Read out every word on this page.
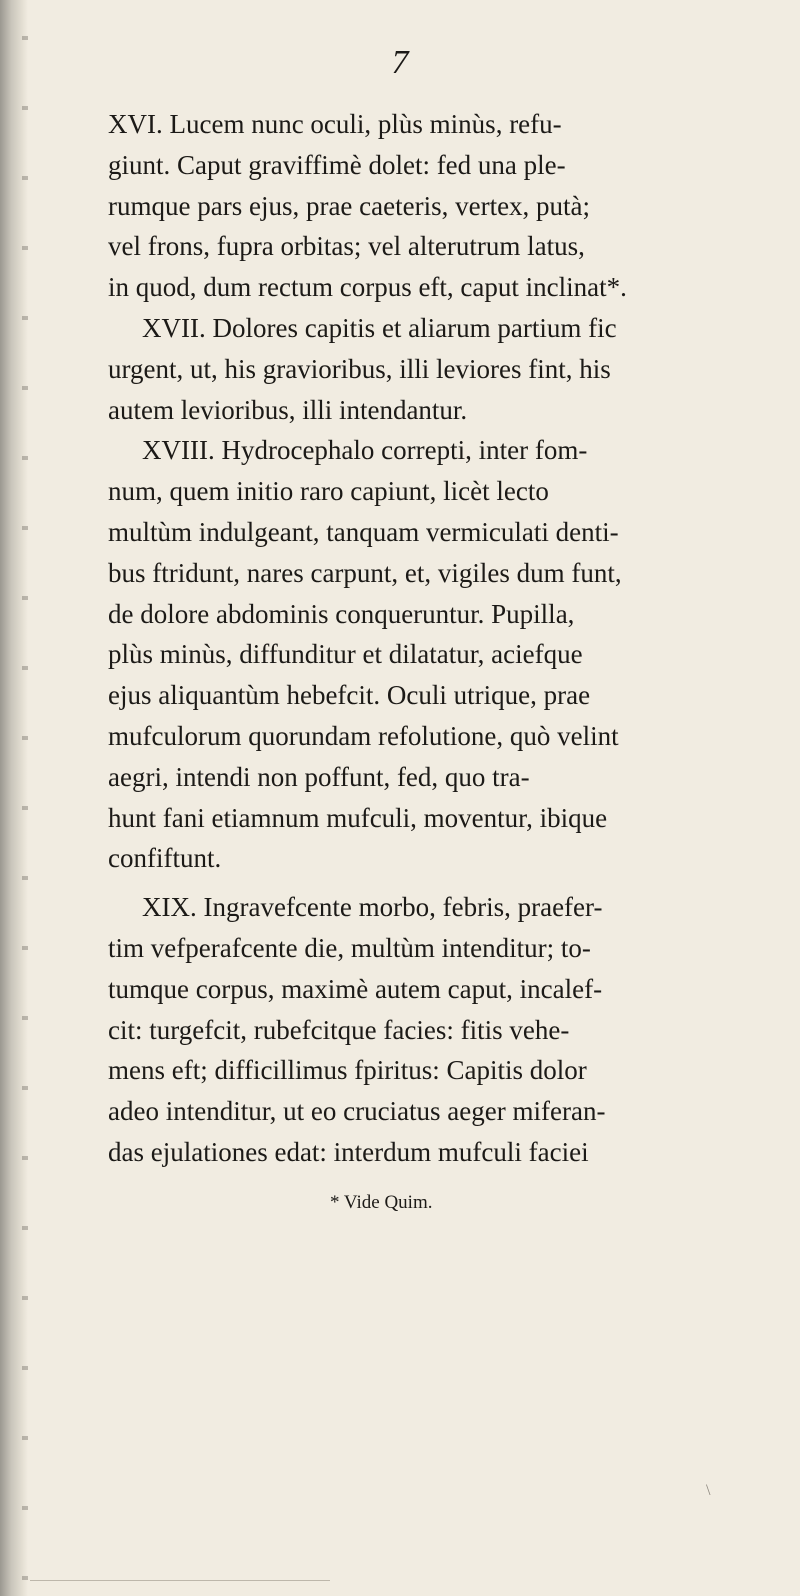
7
XVI. Lucem nunc oculi, plùs minùs, refu-
giunt. Caput graviffimè dolet: fed una ple-
rumque pars ejus, prae caeteris, vertex, putà;
vel frons, fupra orbitas; vel alterutrum latus,
in quod, dum rectum corpus eft, caput inclinat*.
XVII. Dolores capitis et aliarum partium fic
urgent, ut, his gravioribus, illi leviores fint, his
autem levioribus, illi intendantur.
XVIII. Hydrocephalo correpti, inter fom-
num, quem initio raro capiunt, licèt lecto
multùm indulgeant, tanquam vermiculati denti-
bus ftridunt, nares carpunt, et, vigiles dum funt,
de dolore abdominis conqueruntur. Pupilla,
plùs minùs, diffunditur et dilatatur, aciefque
ejus aliquantùm hebefcit. Oculi utrique, prae
mufculorum quorundam refolutione, quò velint
aegri, intendi non poffunt, fed, quo tra-
hunt fani etiamnum mufculi, moventur, ibique
confiftunt.
XIX. Ingravefcente morbo, febris, praefer-
tim vefperafcente die, multùm intenditur; to-
tumque corpus, maximè autem caput, incalef-
cit: turgefcit, rubefcitque facies: fitis vehe-
mens eft; difficillimus fpiritus: Capitis dolor
adeo intenditur, ut eo cruciatus aeger miferan-
das ejulationes edat: interdum mufculi faciei
* Vide Quim.
\
